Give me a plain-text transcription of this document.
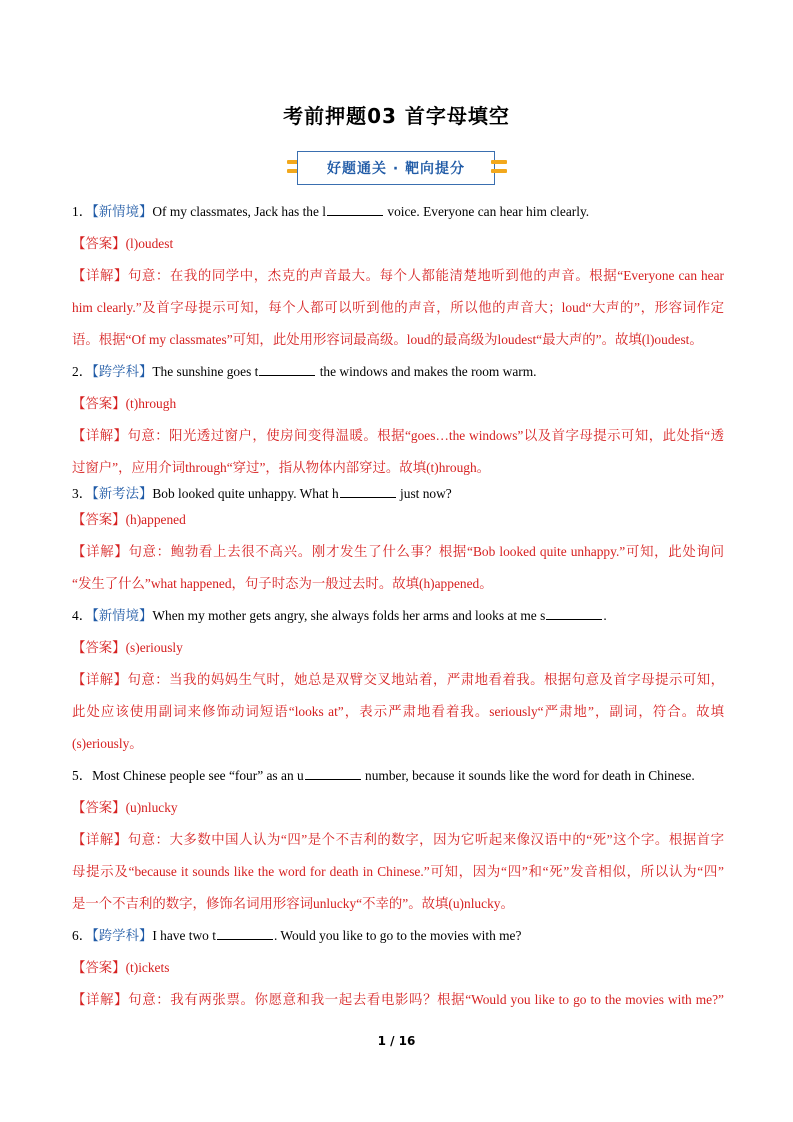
考前押题03 首字母填空
好题通关 · 靶向提分
1．【新情境】Of my classmates, Jack has the l	voice. Everyone can hear him clearly.
【答案】(l)oudest
【详解】句意：在我的同学中，杰克的声音最大。每个人都能清楚地听到他的声音。根据“Everyone can hear
him clearly.”及首字母提示可知，每个人都可以听到他的声音，所以他的声音大；loud“大声的”，形容词作定
语。根据“Of my classmates”可知，此处用形容词最高级。loud的最高级为loudest“最大声的”。故填(l)oudest。
2．【跨学科】The sunshine goes t	the windows and makes the room warm.
【答案】(t)hrough
【详解】句意：阳光透过窗户，使房间变得温暖。根据“goes…the windows”以及首字母提示可知，此处指“透
过窗户”，应用介词through“穿过”，指从物体内部穿过。故填(t)hrough。
3．【新考法】Bob looked quite unhappy. What h	just now?
【答案】(h)appened
【详解】句意：鲍勃看上去很不高兴。刚才发生了什么事？根据“Bob looked quite unhappy.”可知，此处询问
“发生了什么”what happened，句子时态为一般过去时。故填(h)appened。
4．【新情境】When my mother gets angry, she always folds her arms and looks at me s	.
【答案】(s)eriously
【详解】句意：当我的妈妈生气时，她总是双臂交叉地站着，严肃地看着我。根据句意及首字母提示可知，
此处应该使用副词来修饰动词短语“looks at”，表示严肃地看着我。seriously“严肃地”，副词，符合。故填
(s)eriously。
5．Most Chinese people see “four” as an u	number, because it sounds like the word for death in Chinese.
【答案】(u)nlucky
【详解】句意：大多数中国人认为“四”是个不吉利的数字，因为它听起来像汉语中的“死”这个字。根据首字
母提示及“because it sounds like the word for death in Chinese.”可知，因为“四”和“死”发音相似，所以认为“四”
是一个不吉利的数字，修饰名词用形容词unlucky“不幸的”。故填(u)nlucky。
6．【跨学科】I have two t	. Would you like to go to the movies with me?
【答案】(t)ickets
【详解】句意：我有两张票。你愿意和我一起去看电影吗？根据“Would you like to go to the movies with me?”
1 / 16
